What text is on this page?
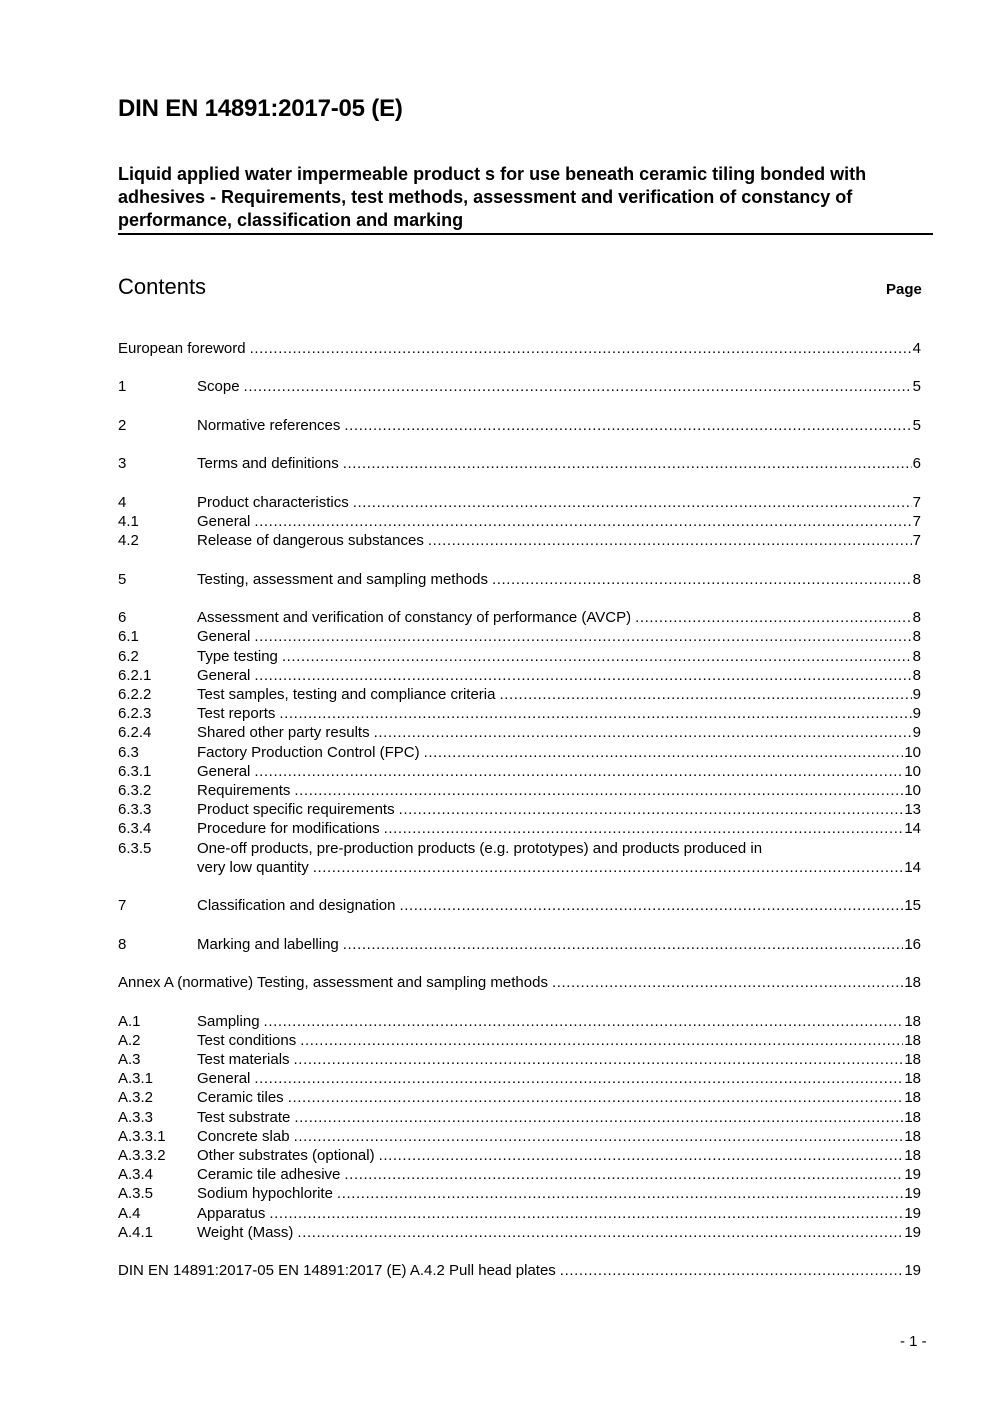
DIN EN 14891:2017-05 (E)
Liquid applied water impermeable product s for use beneath ceramic tiling bonded with adhesives - Requirements, test methods, assessment and verification of constancy of performance, classification and marking
Contents	Page
European foreword .....	4
1	Scope .....	5
2	Normative references .....	5
3	Terms and definitions .....	6
4	Product characteristics .....	7
4.1	General .....	7
4.2	Release of dangerous substances .....	7
5	Testing, assessment and sampling methods .....	8
6	Assessment and verification of constancy of performance (AVCP) .....	8
6.1	General .....	8
6.2	Type testing .....	8
6.2.1	General .....	8
6.2.2	Test samples, testing and compliance criteria .....	9
6.2.3	Test reports .....	9
6.2.4	Shared other party results .....	9
6.3	Factory Production Control (FPC) .....	10
6.3.1	General .....	10
6.3.2	Requirements .....	10
6.3.3	Product specific requirements .....	13
6.3.4	Procedure for modifications .....	14
6.3.5	One-off products, pre-production products (e.g. prototypes) and products produced in
very low quantity .....	14
7	Classification and designation .....	15
8	Marking and labelling .....	16
Annex A (normative) Testing, assessment and sampling methods .....	18
A.1	Sampling .....	18
A.2	Test conditions .....	18
A.3	Test materials .....	18
A.3.1	General .....	18
A.3.2	Ceramic tiles .....	18
A.3.3	Test substrate .....	18
A.3.3.1	Concrete slab .....	18
A.3.3.2	Other substrates (optional) .....	18
A.3.4	Ceramic tile adhesive .....	19
A.3.5	Sodium hypochlorite .....	19
A.4	Apparatus .....	19
A.4.1	Weight (Mass) .....	19
DIN EN 14891:2017-05 EN 14891:2017 (E) A.4.2 Pull head plates .....	19
- 1 -
